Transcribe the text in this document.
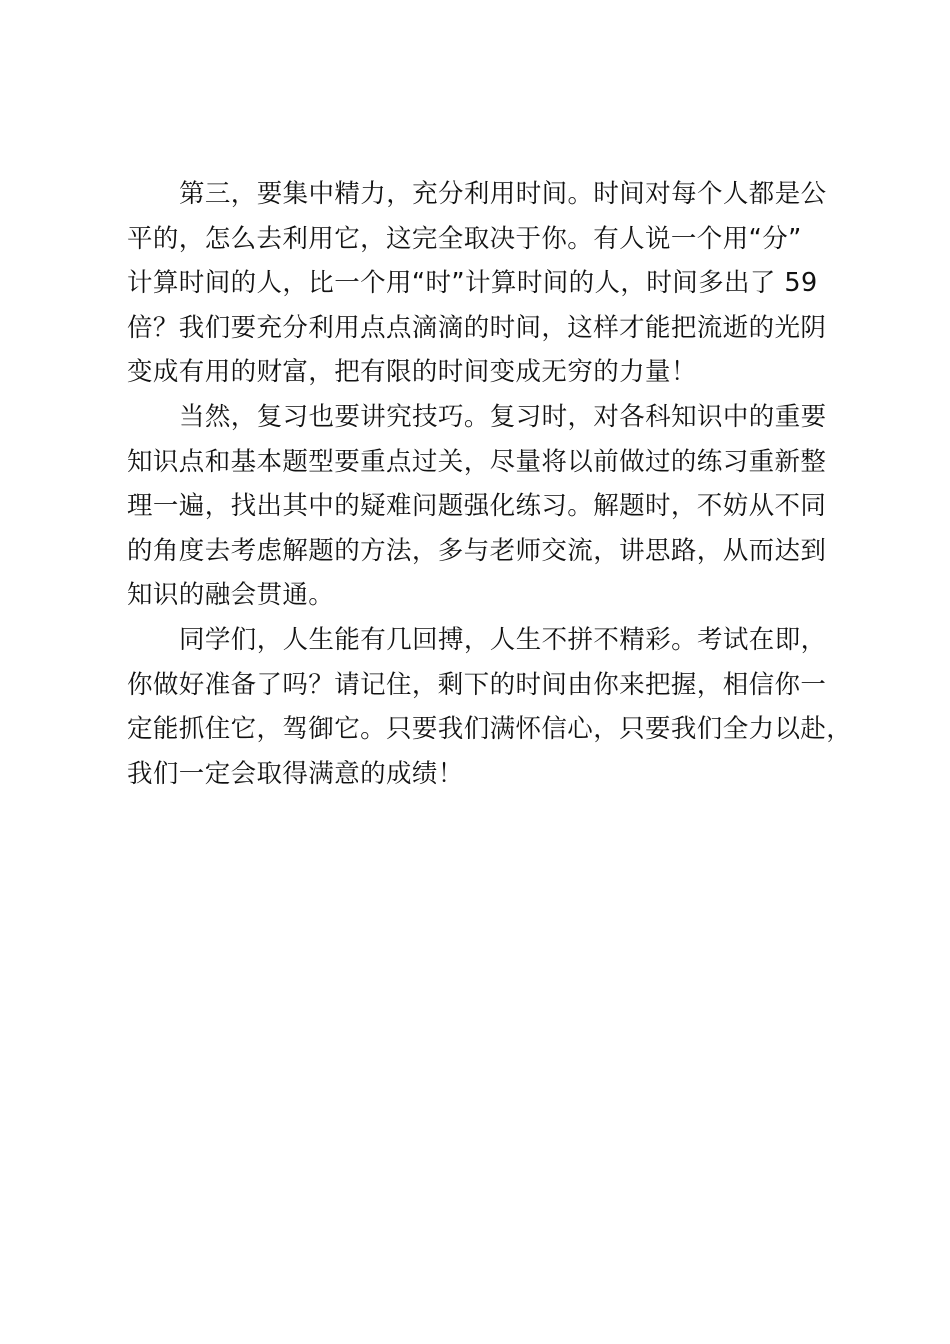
第三，要集中精力，充分利用时间。时间对每个人都是公
平的，怎么去利用它，这完全取决于你。有人说一个用“分”
计算时间的人，比一个用“时”计算时间的人，时间多出了 59
倍？我们要充分利用点点滴滴的时间，这样才能把流逝的光阴
变成有用的财富，把有限的时间变成无穷的力量！

当然，复习也要讲究技巧。复习时，对各科知识中的重要
知识点和基本题型要重点过关，尽量将以前做过的练习重新整
理一遍，找出其中的疑难问题强化练习。解题时，不妨从不同
的角度去考虑解题的方法，多与老师交流，讲思路，从而达到
知识的融会贯通。

同学们，人生能有几回搏，人生不拼不精彩。考试在即，
你做好准备了吗？请记住，剩下的时间由你来把握，相信你一
定能抓住它，驾御它。只要我们满怀信心，只要我们全力以赴，
我们一定会取得满意的成绩！
